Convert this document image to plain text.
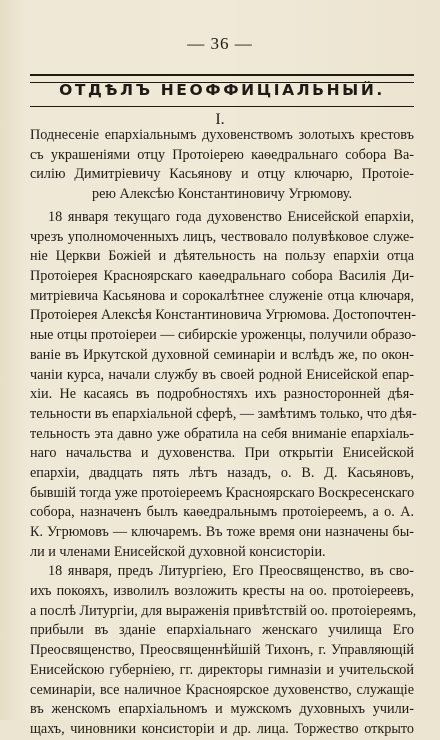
— 36 —
ОТДѢЛЪ НЕОФФИЦІАЛЬНЫЙ.
I.
Поднесеніе епархіальнымъ духовенствомъ золотыхъ крестовъ
съ украшеніями отцу Протоіерею каѳедральнаго собора Ва-
силію Димитріевичу Касьянову и отцу ключарю, Протоіе-
рею Алексѣю Константиновичу Угрюмову.
18 января текущаго года духовенство Енисейской епархіи,
чрезъ уполномоченныхъ лицъ, чествовало полувѣковое служе-
ніе Церкви Божіей и дѣятельность на пользу епархіи отца
Протоіерея Красноярскаго каѳедральнаго собора Василія Ди-
митріевича Касьянова и сорокалѣтнее служеніе отца ключаря,
Протоіерея Алексѣя Константиновича Угрюмова. Достопочтен-
ные отцы протоіереи — сибирскіе уроженцы, получили образо-
ваніе въ Иркутской духовной семинаріи и вслѣдъ же, по окон-
чаніи курса, начали службу въ своей родной Енисейской епар-
хіи. Не касаясь въ подробностяхъ ихъ разносторонней дѣя-
тельности въ епархіальной сферѣ, — замѣтимъ только, что дѣя-
тельность эта давно уже обратила на себя вниманіе епархіаль-
наго начальства и духовенства. При открытіи Енисейской
епархіи, двадцать пять лѣтъ назадъ, о. В. Д. Касьяновъ,
бывшій тогда уже протоіереемъ Красноярскаго Воскресенскаго
собора, назначенъ былъ каѳедральнымъ протоіереемъ, а о. А.
К. Угрюмовъ — ключаремъ. Въ тоже время они назначены бы-
ли и членами Енисейской духовной консисторіи.
18 января, предъ Литургіею, Его Преосвященство, въ сво-
ихъ покояхъ, изволилъ возложить кресты на оо. протоіереевъ,
а послѣ Литургіи, для выраженія привѣтствій оо. протоіереямъ,
прибыли въ зданіе епархіальнаго женскаго училища Его
Преосвященство, Преосвященнѣйшій Тихонъ, г. Управляющій
Енисейскою губерніею, гг. директоры гимназіи и учительской
семинаріи, все наличное Красноярское духовенство, служащіе
въ женскомъ епархіальномъ и мужскомъ духовныхъ учили-
щахъ, чиновники консисторіи и др. лица. Торжество открыто
